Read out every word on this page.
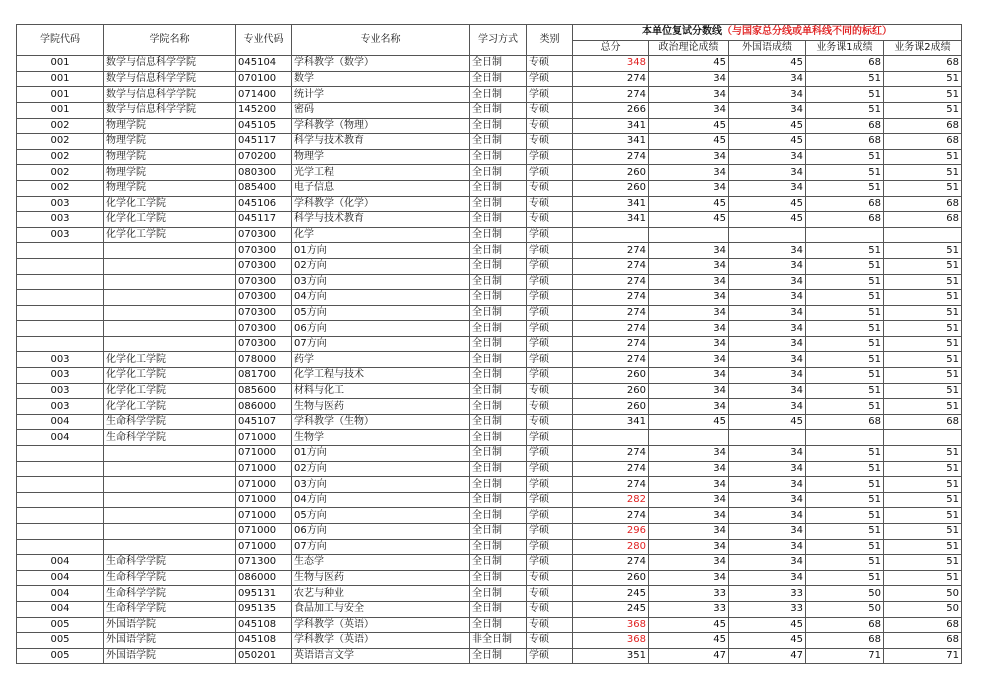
学院代码	学院名称	专业代码	专业名称	学习方式	类别	本单位复试分数线（与国家总分线或单科线不同的标红）				
						总分	政治理论成绩	外国语成绩	业务课1成绩	业务课2成绩
001	数学与信息科学学院	045104	学科教学（数学）	全日制	专硕	348	45	45	68	68
001	数学与信息科学学院	070100	数学	全日制	学硕	274	34	34	51	51
001	数学与信息科学学院	071400	统计学	全日制	学硕	274	34	34	51	51
001	数学与信息科学学院	145200	密码	全日制	专硕	266	34	34	51	51
002	物理学院	045105	学科教学（物理）	全日制	专硕	341	45	45	68	68
002	物理学院	045117	科学与技术教育	全日制	专硕	341	45	45	68	68
002	物理学院	070200	物理学	全日制	学硕	274	34	34	51	51
002	物理学院	080300	光学工程	全日制	学硕	260	34	34	51	51
002	物理学院	085400	电子信息	全日制	专硕	260	34	34	51	51
003	化学化工学院	045106	学科教学（化学）	全日制	专硕	341	45	45	68	68
003	化学化工学院	045117	科学与技术教育	全日制	专硕	341	45	45	68	68
003	化学化工学院	070300	化学	全日制	学硕					
		070300	01方向	全日制	学硕	274	34	34	51	51
		070300	02方向	全日制	学硕	274	34	34	51	51
		070300	03方向	全日制	学硕	274	34	34	51	51
		070300	04方向	全日制	学硕	274	34	34	51	51
		070300	05方向	全日制	学硕	274	34	34	51	51
		070300	06方向	全日制	学硕	274	34	34	51	51
		070300	07方向	全日制	学硕	274	34	34	51	51
003	化学化工学院	078000	药学	全日制	学硕	274	34	34	51	51
003	化学化工学院	081700	化学工程与技术	全日制	学硕	260	34	34	51	51
003	化学化工学院	085600	材料与化工	全日制	专硕	260	34	34	51	51
003	化学化工学院	086000	生物与医药	全日制	专硕	260	34	34	51	51
004	生命科学学院	045107	学科教学（生物）	全日制	专硕	341	45	45	68	68
004	生命科学学院	071000	生物学	全日制	学硕					
		071000	01方向	全日制	学硕	274	34	34	51	51
		071000	02方向	全日制	学硕	274	34	34	51	51
		071000	03方向	全日制	学硕	274	34	34	51	51
		071000	04方向	全日制	学硕	282	34	34	51	51
		071000	05方向	全日制	学硕	274	34	34	51	51
		071000	06方向	全日制	学硕	296	34	34	51	51
		071000	07方向	全日制	学硕	280	34	34	51	51
004	生命科学学院	071300	生态学	全日制	学硕	274	34	34	51	51
004	生命科学学院	086000	生物与医药	全日制	专硕	260	34	34	51	51
004	生命科学学院	095131	农艺与种业	全日制	专硕	245	33	33	50	50
004	生命科学学院	095135	食品加工与安全	全日制	专硕	245	33	33	50	50
005	外国语学院	045108	学科教学（英语）	全日制	专硕	368	45	45	68	68
005	外国语学院	045108	学科教学（英语）	非全日制	专硕	368	45	45	68	68
005	外国语学院	050201	英语语言文学	全日制	学硕	351	47	47	71	71
